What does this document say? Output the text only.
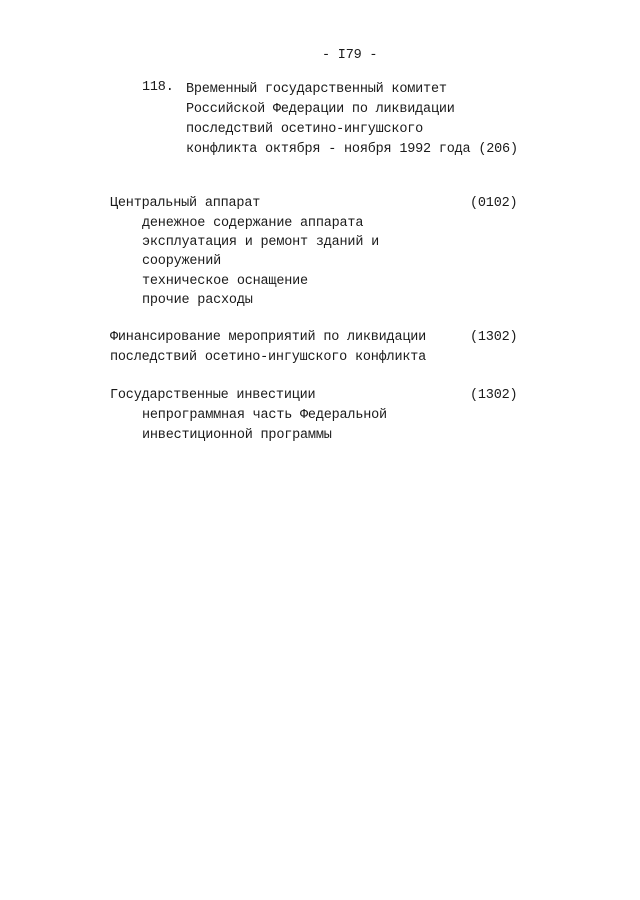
- I79 -
118. Временный государственный комитет
Российской Федерации по ликвидации
последствий осетино-ингушского
конфликта октября - ноября 1992 года (206)
Центральный аппарат	(0102)
денежное содержание аппарата
эксплуатация и ремонт зданий и
сооружений
техническое оснащение
прочие расходы
Финансирование мероприятий по ликвидации	(1302)
последствий осетино-ингушского конфликта
Государственные инвестиции	(1302)
непрограммная часть Федеральной
инвестиционной программы
